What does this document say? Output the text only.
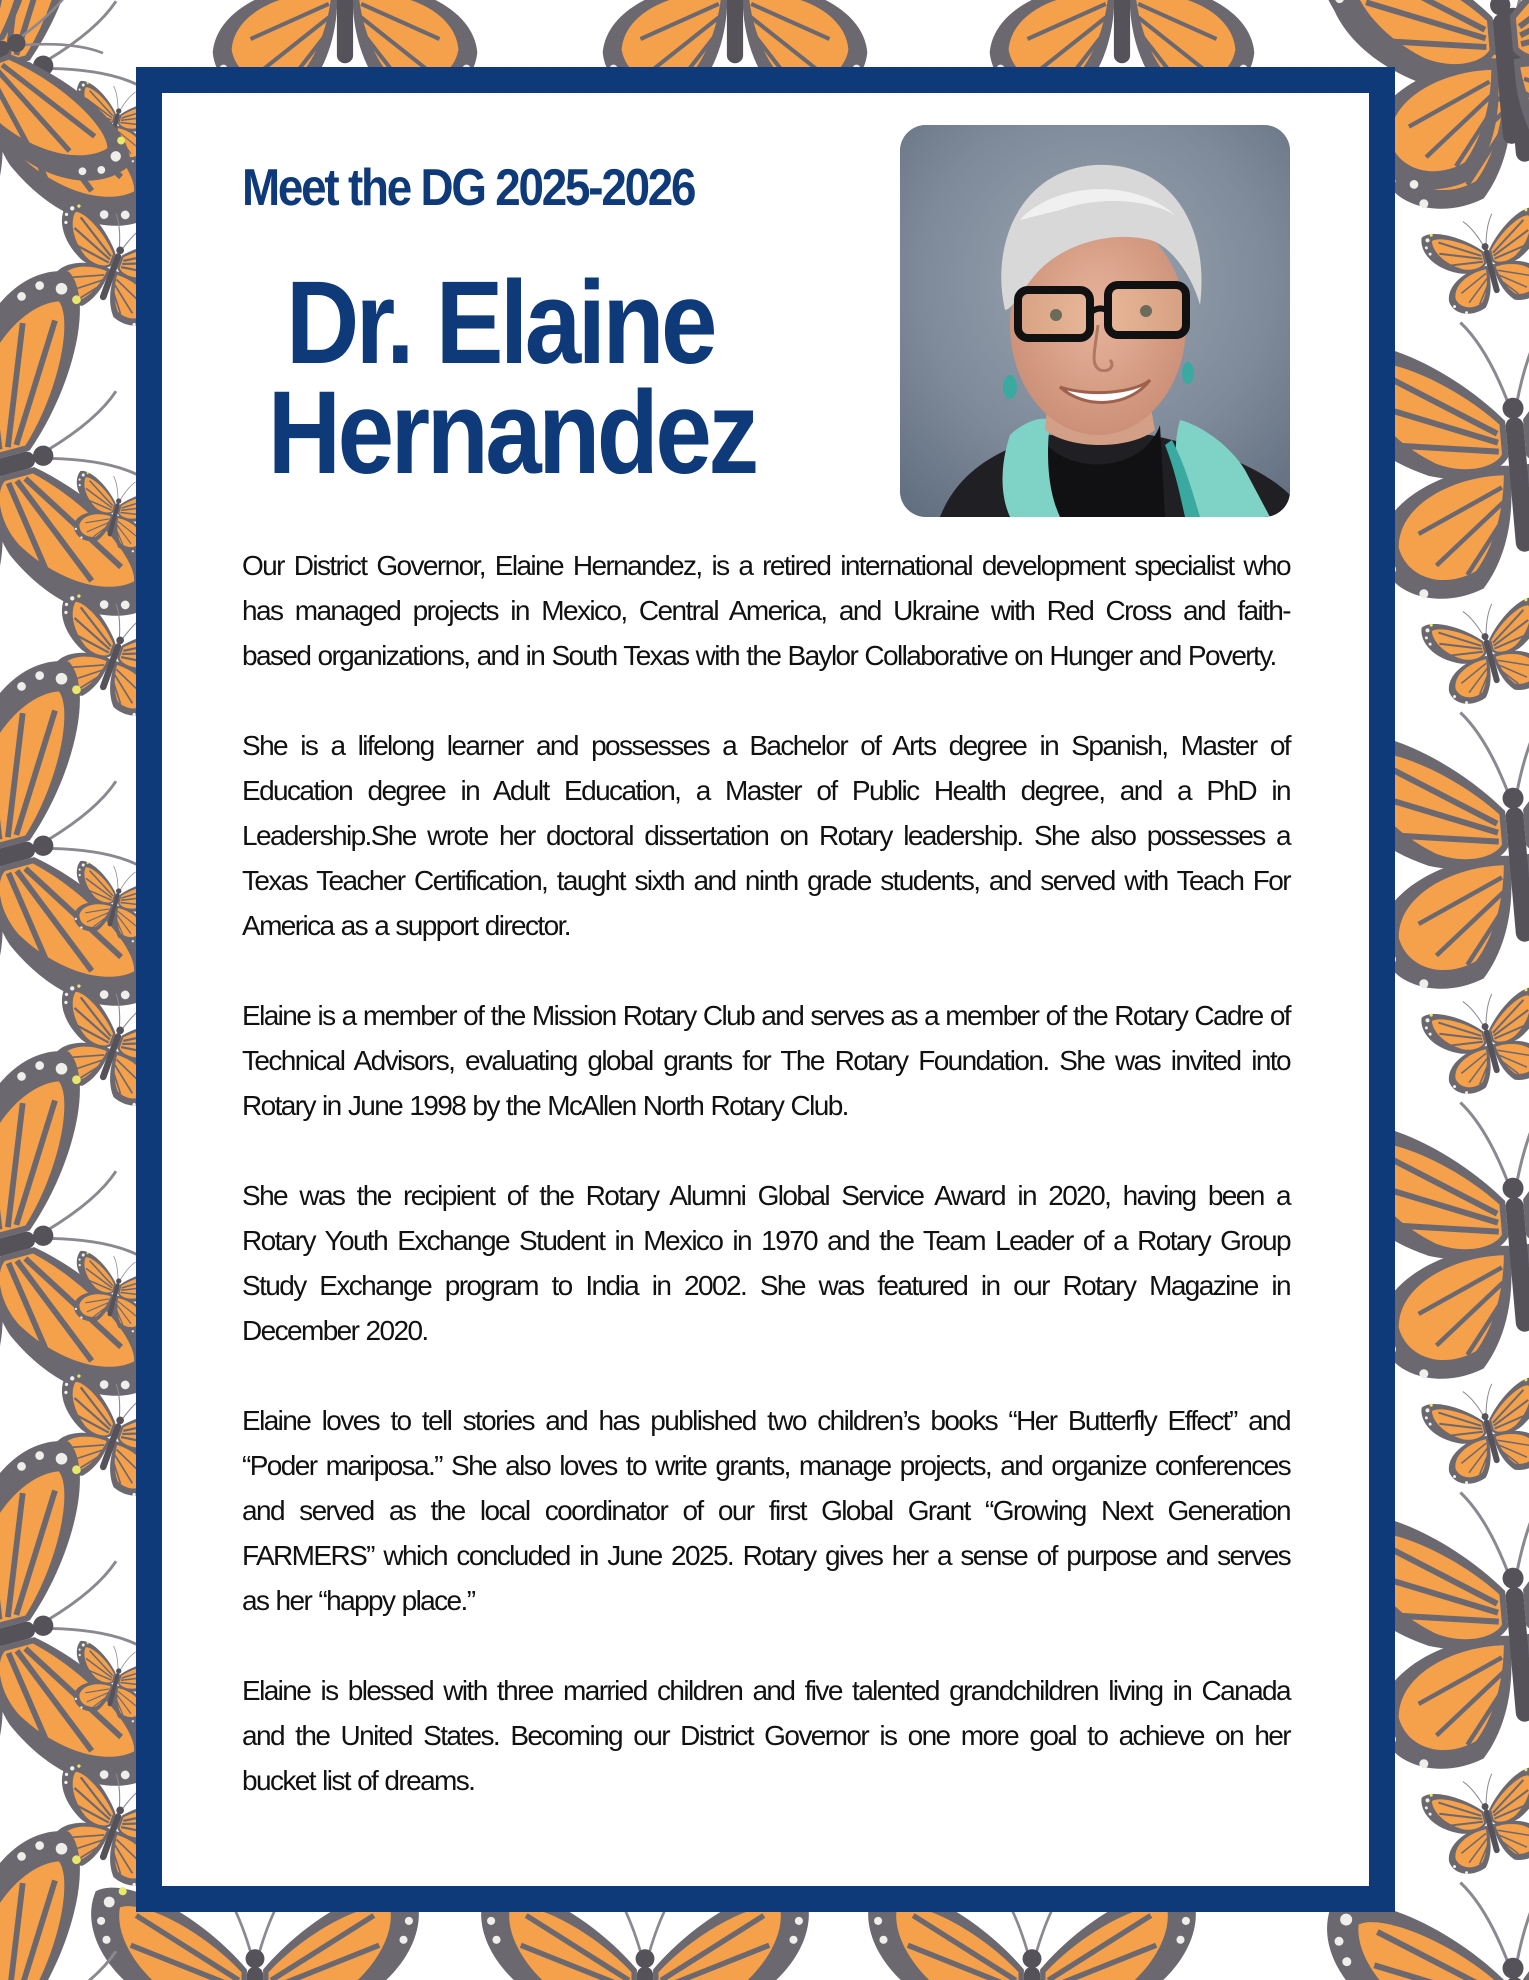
Meet the DG 2025-2026
Dr. Elaine
Hernandez

Our District Governor, Elaine Hernandez, is a retired international development specialist who has managed projects in Mexico, Central America, and Ukraine with Red Cross and faith-based organizations, and in South Texas with the Baylor Collaborative on Hunger and Poverty.

She is a lifelong learner and possesses a Bachelor of Arts degree in Spanish, Master of Education degree in Adult Education, a Master of Public Health degree, and a PhD in Leadership.She wrote her doctoral dissertation on Rotary leadership. She also possesses a Texas Teacher Certification, taught sixth and ninth grade students, and served with Teach For America as a support director.

Elaine is a member of the Mission Rotary Club and serves as a member of the Rotary Cadre of Technical Advisors, evaluating global grants for The Rotary Foundation. She was invited into Rotary in June 1998 by the McAllen North Rotary Club.

She was the recipient of the Rotary Alumni Global Service Award in 2020, having been a Rotary Youth Exchange Student in Mexico in 1970 and the Team Leader of a Rotary Group Study Exchange program to India in 2002. She was featured in our Rotary Magazine in December 2020.

Elaine loves to tell stories and has published two children’s books “Her Butterfly Effect” and “Poder mariposa.” She also loves to write grants, manage projects, and organize conferences and served as the local coordinator of our first Global Grant “Growing Next Generation FARMERS” which concluded in June 2025. Rotary gives her a sense of purpose and serves as her “happy place.”

Elaine is blessed with three married children and five talented grandchildren living in Canada and the United States. Becoming our District Governor is one more goal to achieve on her bucket list of dreams.
